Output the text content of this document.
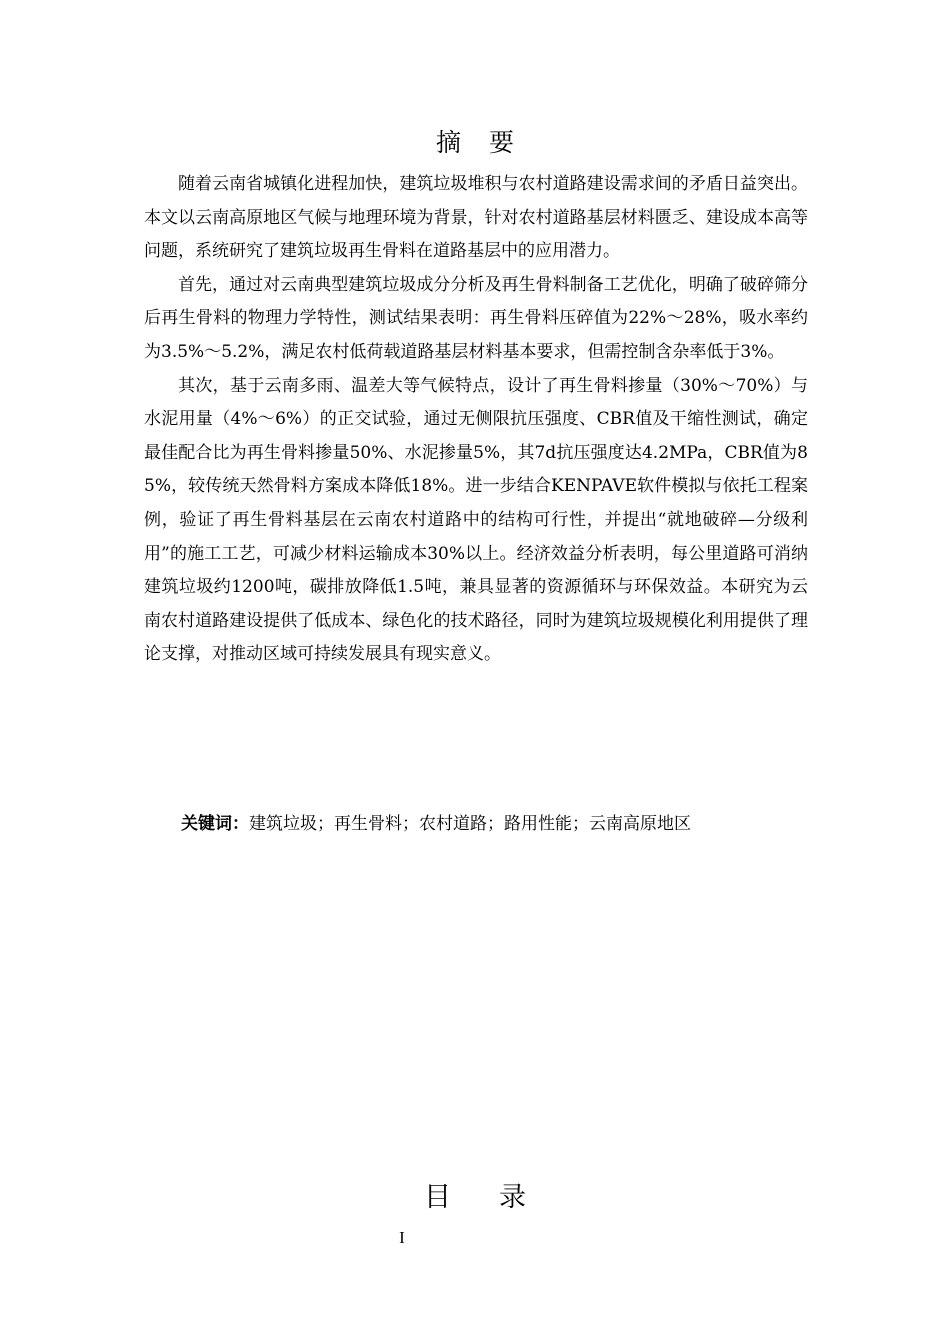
摘要

随着云南省城镇化进程加快，建筑垃圾堆积与农村道路建设需求间的矛盾日益突出。本文以云南高原地区气候与地理环境为背景，针对农村道路基层材料匮乏、建设成本高等问题，系统研究了建筑垃圾再生骨料在道路基层中的应用潜力。

首先，通过对云南典型建筑垃圾成分分析及再生骨料制备工艺优化，明确了破碎筛分后再生骨料的物理力学特性，测试结果表明：再生骨料压碎值为22%～28%，吸水率约为3.5%～5.2%，满足农村低荷载道路基层材料基本要求，但需控制含杂率低于3%。

其次，基于云南多雨、温差大等气候特点，设计了再生骨料掺量（30%～70%）与水泥用量（4%～6%）的正交试验，通过无侧限抗压强度、CBR值及干缩性测试，确定最佳配合比为再生骨料掺量50%、水泥掺量5%，其7d抗压强度达4.2MPa，CBR值为85%，较传统天然骨料方案成本降低18%。进一步结合KENPAVE软件模拟与依托工程案例，验证了再生骨料基层在云南农村道路中的结构可行性，并提出“就地破碎—分级利用”的施工工艺，可减少材料运输成本30%以上。经济效益分析表明，每公里道路可消纳建筑垃圾约1200吨，碳排放降低1.5吨，兼具显著的资源循环与环保效益。本研究为云南农村道路建设提供了低成本、绿色化的技术路径，同时为建筑垃圾规模化利用提供了理论支撑，对推动区域可持续发展具有现实意义。

关键词：建筑垃圾；再生骨料；农村道路；路用性能；云南高原地区
目录
I
